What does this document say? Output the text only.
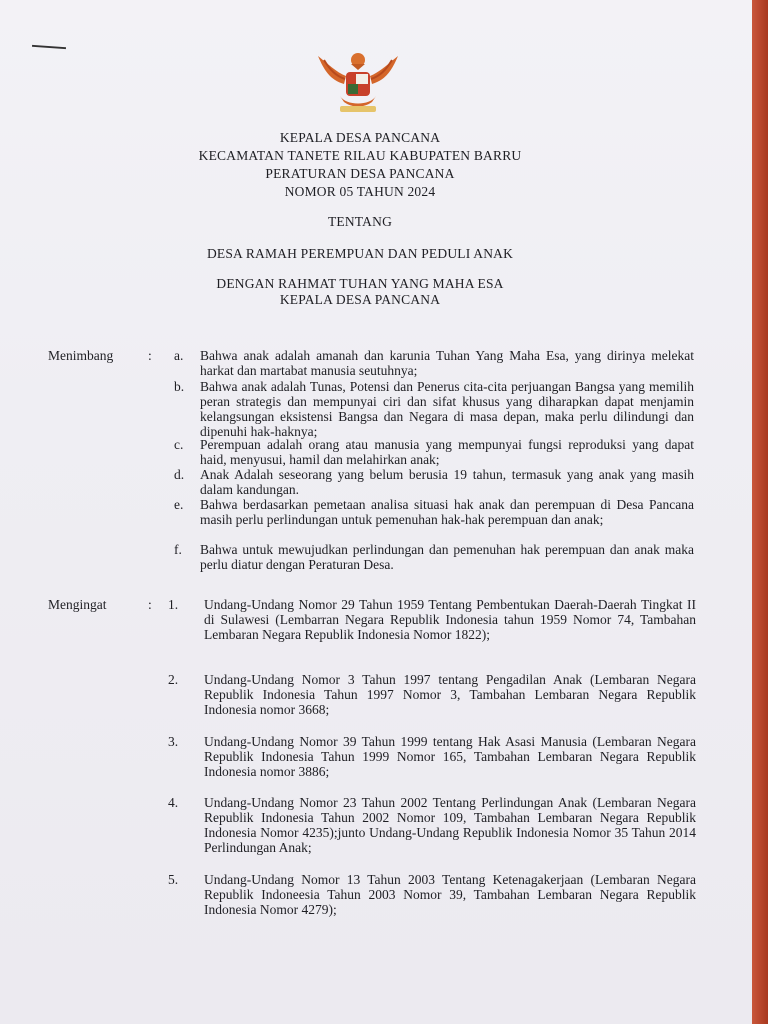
KEPALA DESA PANCANA
KECAMATAN TANETE RILAU KABUPATEN BARRU
PERATURAN DESA PANCANA
NOMOR 05 TAHUN 2024
TENTANG
DESA RAMAH PEREMPUAN DAN PEDULI ANAK
DENGAN RAHMAT TUHAN YANG MAHA ESA
KEPALA DESA PANCANA
Menimbang	: a. Bahwa anak adalah amanah dan karunia Tuhan Yang Maha Esa, yang dirinya melekat harkat dan martabat manusia seutuhnya;
b. Bahwa anak adalah Tunas, Potensi dan Penerus cita-cita perjuangan Bangsa yang memilih peran strategis dan mempunyai ciri dan sifat khusus yang diharapkan dapat menjamin kelangsungan eksistensi Bangsa dan Negara di masa depan, maka perlu dilindungi dan dipenuhi hak-haknya;
c. Perempuan adalah orang atau manusia yang mempunyai fungsi reproduksi yang dapat haid, menyusui, hamil dan melahirkan anak;
d. Anak Adalah seseorang yang belum berusia 19 tahun, termasuk yang anak yang masih dalam kandungan.
e. Bahwa berdasarkan pemetaan analisa situasi hak anak dan perempuan di Desa Pancana masih perlu perlindungan untuk pemenuhan hak-hak perempuan dan anak;
f. Bahwa untuk mewujudkan perlindungan dan pemenuhan hak perempuan dan anak maka perlu diatur dengan Peraturan Desa.
Mengingat	: 1. Undang-Undang Nomor 29 Tahun 1959 Tentang Pembentukan Daerah-Daerah Tingkat II di Sulawesi (Lembarran Negara Republik Indonesia tahun 1959 Nomor 74, Tambahan Lembaran Negara Republik Indonesia Nomor 1822);
2. Undang-Undang Nomor 3 Tahun 1997 tentang Pengadilan Anak (Lembaran Negara Republik Indonesia Tahun 1997 Nomor 3, Tambahan Lembaran Negara Republik Indonesia nomor 3668;
3. Undang-Undang Nomor 39 Tahun 1999 tentang Hak Asasi Manusia (Lembaran Negara Republik Indonesia Tahun 1999 Nomor 165, Tambahan Lembaran Negara Republik Indonesia nomor 3886;
4. Undang-Undang Nomor 23 Tahun 2002 Tentang Perlindungan Anak (Lembaran Negara Republik Indonesia Tahun 2002 Nomor 109, Tambahan Lembaran Negara Republik Indonesia Nomor 4235);junto Undang-Undang Republik Indonesia Nomor 35 Tahun 2014 Perlindungan Anak;
5. Undang-Undang Nomor 13 Tahun 2003 Tentang Ketenagakerjaan (Lembaran Negara Republik Indoneesia Tahun 2003 Nomor 39, Tambahan Lembaran Negara Republik Indonesia Nomor 4279);
